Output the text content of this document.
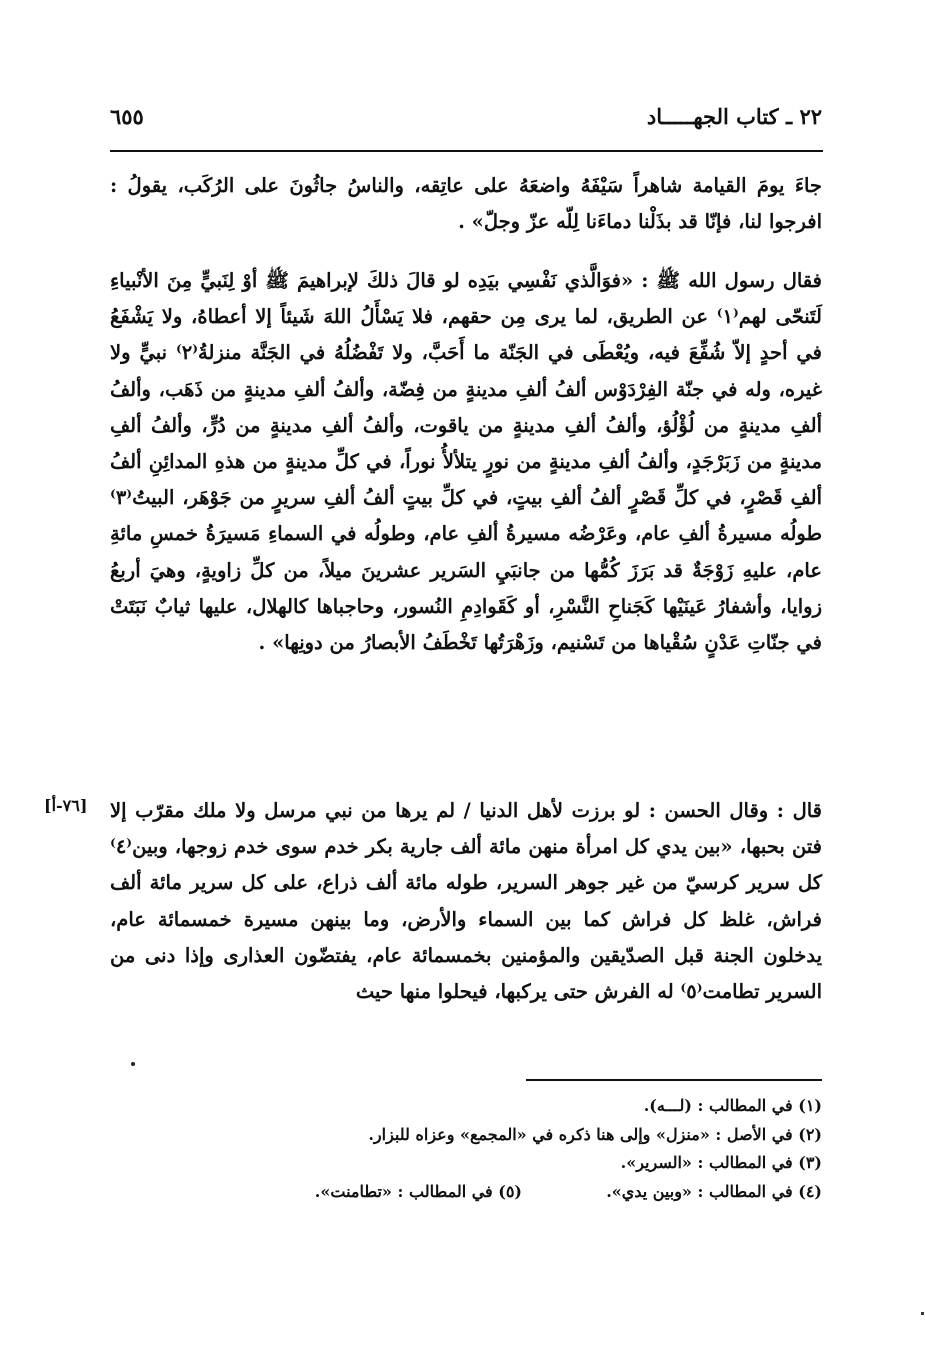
٢٢ ـ كتاب الجهـــــاد
٦٥٥

جاءَ يومَ القيامة شاهراً سَيْفَهُ واضعَهُ على عاتِقه، والناسُ جاثُونَ على الرُكَب، يقولُ : افرجوا لنا، فإنّا قد بذَلْنا دماءَنا لِلّه عزّ وجلّ» .

فقال رسول الله ﷺ : «فوَالَّذي نَفْسِي بيَدِه لو قالَ ذلكَ لإبراهيمَ ﷺ أوْ لِنَبيٍّ مِنَ الأنْبياءِ لَتَنحّى لهم⁽١⁾ عن الطريق، لما يرى مِن حقهم، فلا يَسْأَلُ اللهَ شَيئاً إلا أعطاهُ، ولا يَشْفَعُ في أحدٍ إلاّ شُفِّعَ فيه، ويُعْطَى في الجَنّة ما أَحَبَّ، ولا تَفْضُلُهُ في الجَنَّة منزلةُ⁽٢⁾ نبيٍّ ولا غيره، وله في جنّة الفِرْدَوْس ألفُ ألفِ مدينةٍ من فِضّة، وألفُ ألفِ مدينةٍ من ذَهَب، وألفُ ألفِ مدينةٍ من لُؤْلُؤ، وألفُ ألفِ مدينةٍ من ياقوت، وألفُ ألفِ مدينةٍ من دُرٍّ، وألفُ ألفِ مدينةٍ من زَبَرْجَدٍ، وألفُ ألفِ مدينةٍ من نورٍ يتلألأُ نوراً، في كلِّ مدينةٍ من هذهِ المدائِنِ ألفُ ألفِ قَصْرٍ، في كلِّ قَصْرٍ ألفُ ألفِ بيتٍ، في كلِّ بيتٍ ألفُ ألفِ سريرٍ من جَوْهَر، البيتُ⁽٣⁾ طولُه مسيرةُ ألفِ عام، وعَرْضُه مسيرةُ ألفِ عام، وطولُه في السماءِ مَسيرَةُ خمسِ مائةِ عام، عليهِ زَوْجَةٌ قد بَرَزَ كُمُّها من جانبَيِ السَرير عشرينَ ميلاً، من كلِّ زاويةٍ، وهيَ أربعُ زوايا، وأشفارُ عَينَيْها كَجَناحِ النَّسْرِ، أو كَقَوادِمِ النُسور، وحاجباها كالهلال، عليها ثيابٌ نَبَتَتْ في جنّاتِ عَدْنٍ سُقْياها من تَسْنيم، وزَهْرَتُها تَخْطَفُ الأبصارُ من دونِها» .

قال : وقال الحسن : لو برزت لأهل الدنيا / لم يرها من نبي مرسل ولا ملك مقرّب إلا فتن بحبها، «بين يدي كل امرأة منهن مائة ألف جارية بكر خدم سوى خدم زوجها، وبين⁽٤⁾ كل سرير كرسيّ من غير جوهر السرير، طوله مائة ألف ذراع، على كل سرير مائة ألف فراش، غلظ كل فراش كما بين السماء والأرض، وما بينهن مسيرة خمسمائة عام، يدخلون الجنة قبل الصدّيقين والمؤمنين بخمسمائة عام، يفتضّون العذارى وإذا دنى من السرير تطامت⁽٥⁾ له الفرش حتى يركبها، فيحلوا منها حيث

[٧٦-أ]
(١) في المطالب : (لـــه).
(٢) في الأصل : «منزل» وإلى هنا ذكره في «المجمع» وعزاه للبزار.
(٣) في المطالب : «السرير».
(٤) في المطالب : «وبين يدي».(٥) في المطالب : «تطامنت».
